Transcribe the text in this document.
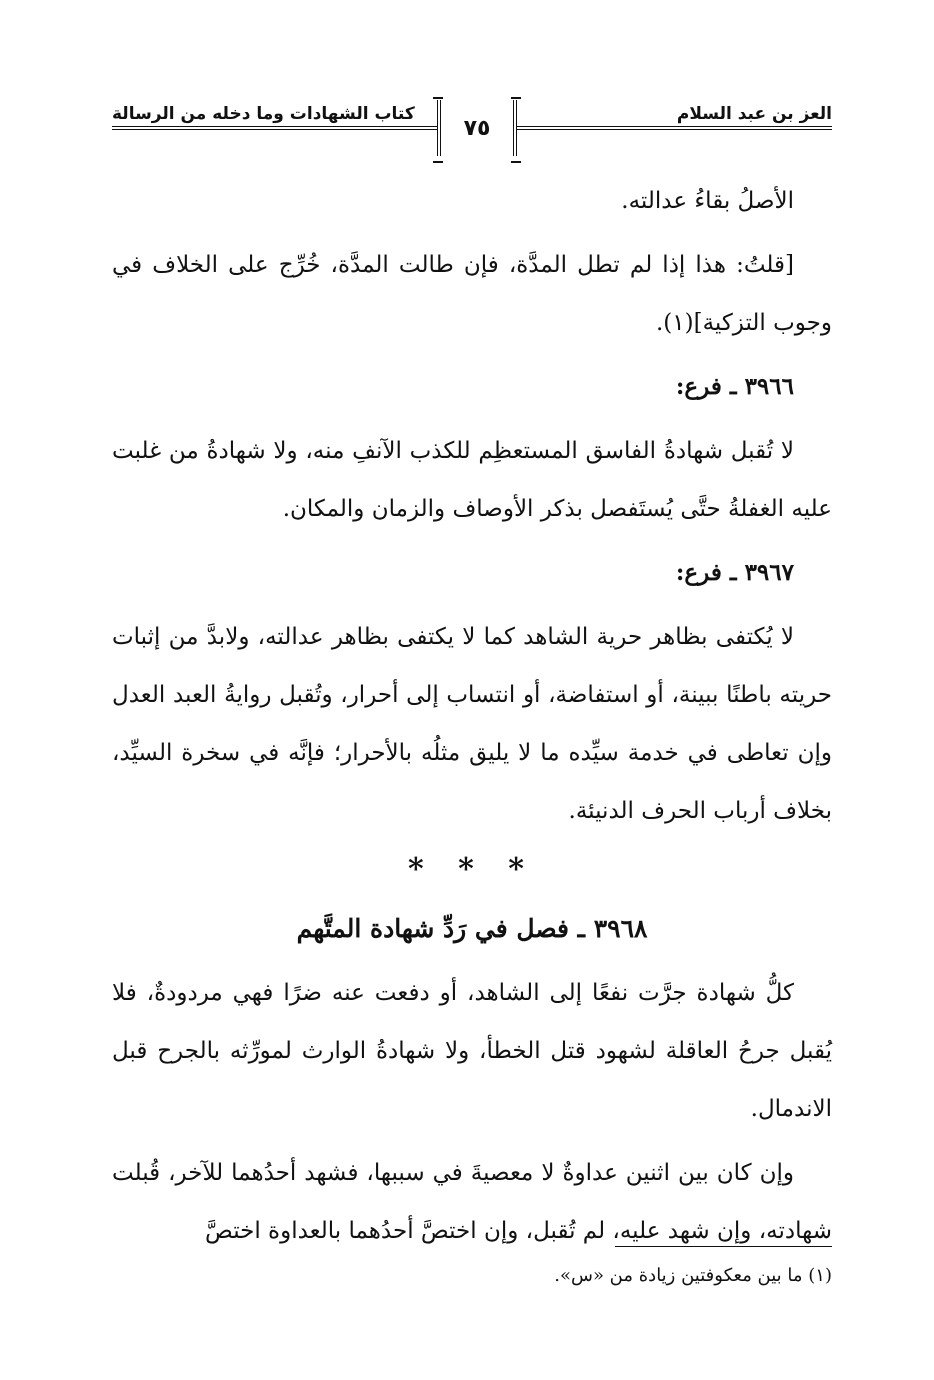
العز بن عبد السلام
كتاب الشهادات وما دخله من الرسالة
٧٥

الأصلُ بقاءُ عدالته.

[قلتُ: هذا إذا لم تطل المدَّة، فإن طالت المدَّة، خُرِّج على الخلاف في وجوب التزكية](١).

٣٩٦٦ ـ فرع:

لا تُقبل شهادةُ الفاسق المستعظِم للكذب الآنفِ منه، ولا شهادةُ من غلبت عليه الغفلةُ حتَّى يُستَفصل بذكر الأوصاف والزمان والمكان.

٣٩٦٧ ـ فرع:

لا يُكتفى بظاهر حرية الشاهد كما لا يكتفى بظاهر عدالته، ولابدَّ من إثبات حريته باطنًا ببينة، أو استفاضة، أو انتساب إلى أحرار، وتُقبل روايةُ العبد العدل وإن تعاطى في خدمة سيِّده ما لا يليق مثلُه بالأحرار؛ فإنَّه في سخرة السيِّد، بخلاف أرباب الحرف الدنيئة.

* * *

٣٩٦٨ ـ فصل في رَدِّ شهادة المتَّهم

كلُّ شهادة جرَّت نفعًا إلى الشاهد، أو دفعت عنه ضرًا فهي مردودةٌ، فلا يُقبل جرحُ العاقلة لشهود قتل الخطأ، ولا شهادةُ الوارث لمورِّثه بالجرح قبل الاندمال.

وإن كان بين اثنين عداوةٌ لا معصيةَ في سببها، فشهد أحدُهما للآخر، قُبلت شهادته، وإن شهد عليه، لم تُقبل، وإن اختصَّ أحدُهما بالعداوة اختصَّ

(١) ما بين معكوفتين زيادة من «س».
